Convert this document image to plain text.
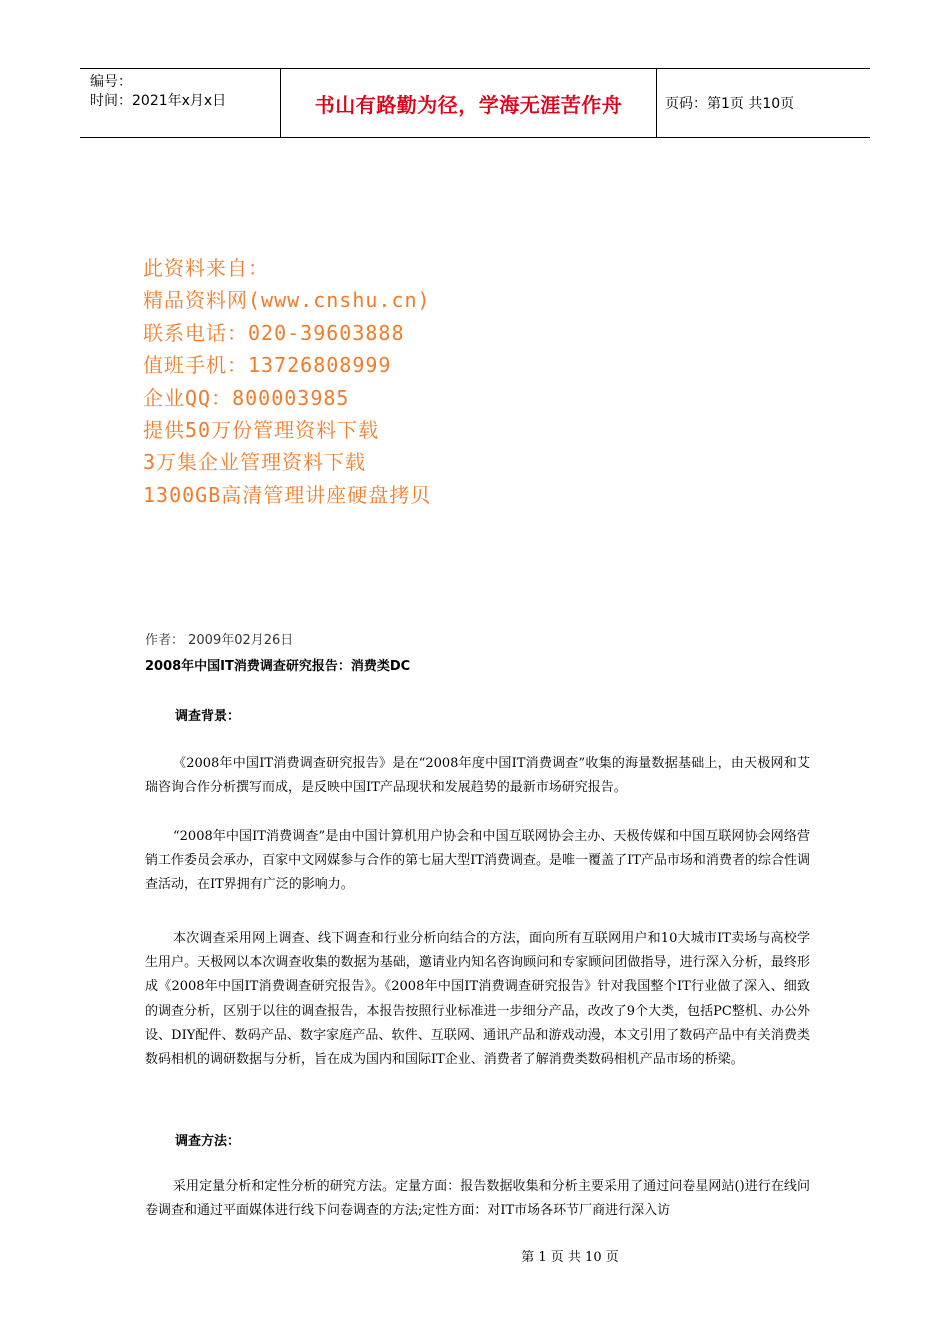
编号：
时间：2021年x月x日	书山有路勤为径，学海无涯苦作舟	页码：第1页 共10页
此资料来自：
精品资料网(www.cnshu.cn)
联系电话：020-39603888
值班手机：13726808999
企业QQ：800003985
提供50万份管理资料下载
3万集企业管理资料下载
1300GB高清管理讲座硬盘拷贝
作者： 2009年02月26日
2008年中国IT消费调查研究报告：消费类DC
调查背景：
《2008年中国IT消费调查研究报告》是在“2008年度中国IT消费调查”收集的海量数据基础上，由天极网和艾瑞咨询合作分析撰写而成，是反映中国IT产品现状和发展趋势的最新市场研究报告。
“2008年中国IT消费调查”是由中国计算机用户协会和中国互联网协会主办、天极传媒和中国互联网协会网络营销工作委员会承办，百家中文网媒参与合作的第七届大型IT消费调查。是唯一覆盖了IT产品市场和消费者的综合性调查活动，在IT界拥有广泛的影响力。
本次调查采用网上调查、线下调查和行业分析向结合的方法，面向所有互联网用户和10大城市IT卖场与高校学生用户。天极网以本次调查收集的数据为基础，邀请业内知名咨询顾问和专家顾问团做指导，进行深入分析，最终形成《2008年中国IT消费调查研究报告》。《2008年中国IT消费调查研究报告》针对我国整个IT行业做了深入、细致的调查分析，区别于以往的调查报告，本报告按照行业标准进一步细分产品，改改了9个大类，包括PC整机、办公外设、DIY配件、数码产品、数字家庭产品、软件、互联网、通讯产品和游戏动漫，本文引用了数码产品中有关消费类数码相机的调研数据与分析，旨在成为国内和国际IT企业、消费者了解消费类数码相机产品市场的桥梁。
调查方法：
采用定量分析和定性分析的研究方法。定量方面：报告数据收集和分析主要采用了通过问卷星网站()进行在线问卷调查和通过平面媒体进行线下问卷调查的方法;定性方面：对IT市场各环节厂商进行深入访
第 1 页 共 10 页
